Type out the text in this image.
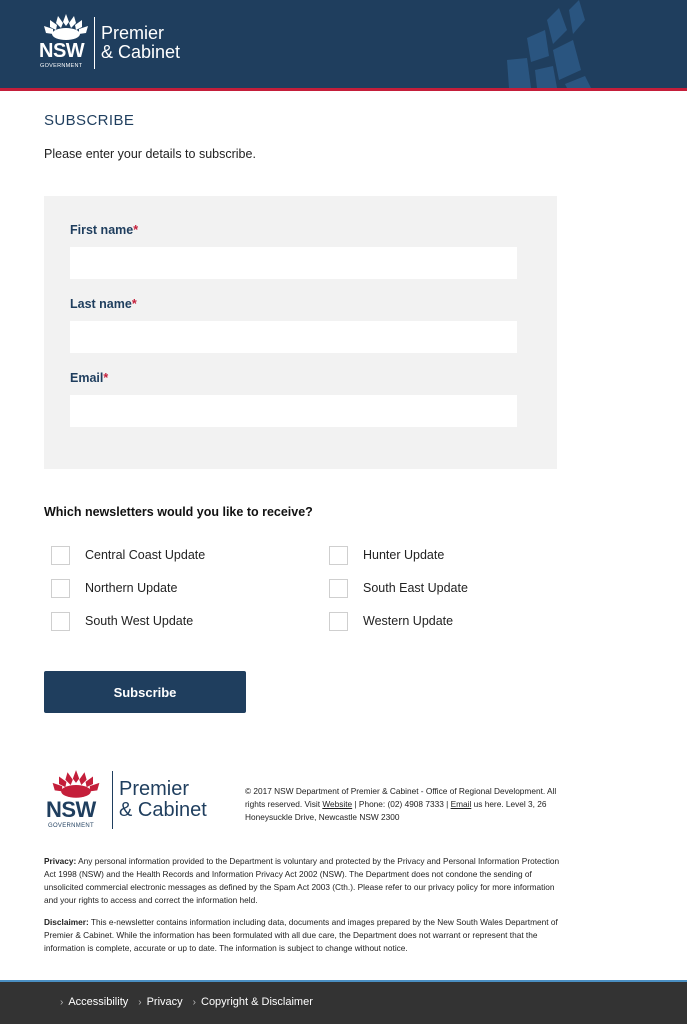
NSW
GOVERNMENT
Premier
& Cabinet
SUBSCRIBE

Please enter your details to subscribe.

First name*
Last name*
Email*
Which newsletters would you like to receive?
Central Coast Update	Hunter Update
Northern Update	South East Update
South West Update	Western Update
Subscribe
NSW
GOVERNMENT
Premier
& Cabinet
© 2017 NSW Department of Premier & Cabinet - Office of Regional Development. All rights reserved. Visit Website | Phone: (02) 4908 7333 | Email us here. Level 3, 26 Honeysuckle Drive, Newcastle NSW 2300

Privacy: Any personal information provided to the Department is voluntary and protected by the Privacy and Personal Information Protection Act 1998 (NSW) and the Health Records and Information Privacy Act 2002 (NSW). The Department does not condone the sending of unsolicited commercial electronic messages as defined by the Spam Act 2003 (Cth.). Please refer to our privacy policy for more information and your rights to access and correct the information held.

Disclaimer: This e-newsletter contains information including data, documents and images prepared by the New South Wales Department of Premier & Cabinet. While the information has been formulated with all due care, the Department does not warrant or represent that the information is complete, accurate or up to date. The information is subject to change without notice.

› Accessibility › Privacy › Copyright & Disclaimer
